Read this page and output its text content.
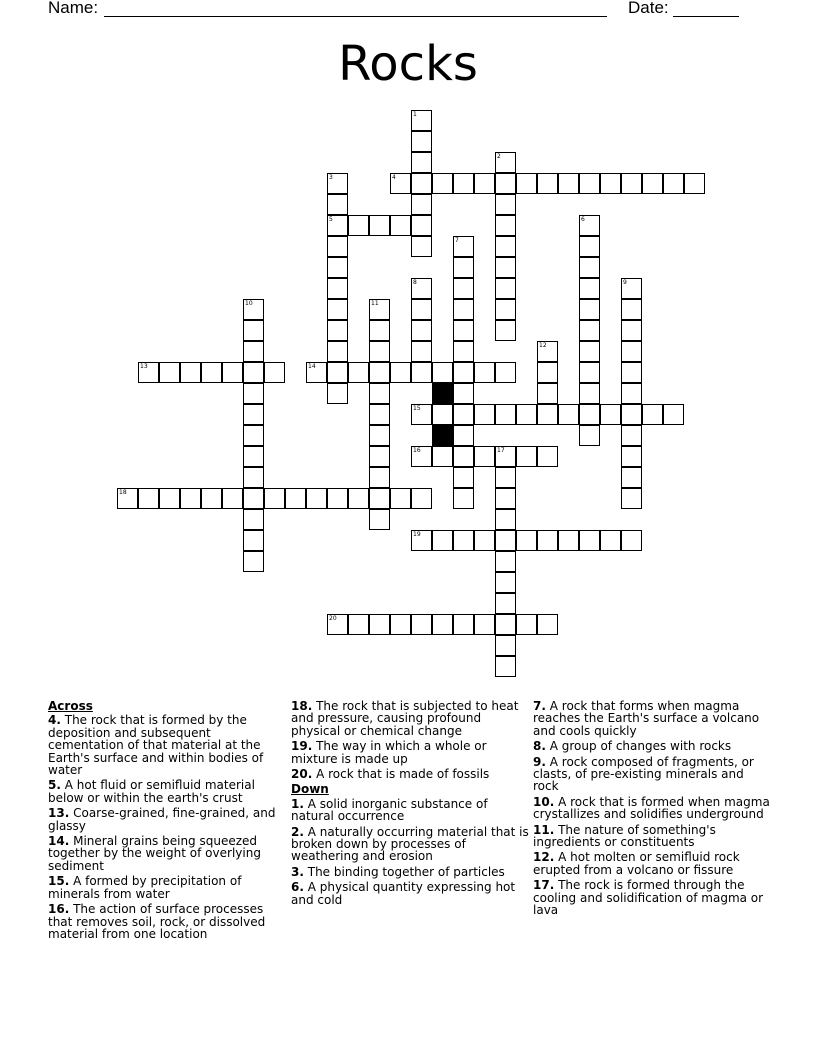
Name:	Date:
Rocks
1
2
3	4
5	6
7
8	9
10	11
12
13	14
15
16	17
18
19
20
Across
4. The rock that is formed by the deposition and subsequent cementation of that material at the Earth's surface and within bodies of water
5. A hot fluid or semifluid material below or within the earth's crust
13. Coarse-grained, fine-grained, and glassy
14. Mineral grains being squeezed together by the weight of overlying sediment
15. A formed by precipitation of minerals from water
16. The action of surface processes that removes soil, rock, or dissolved material from one location
18. The rock that is subjected to heat and pressure, causing profound physical or chemical change
19. The way in which a whole or mixture is made up
20. A rock that is made of fossils
Down
1. A solid inorganic substance of natural occurrence
2. A naturally occurring material that is broken down by processes of weathering and erosion
3. The binding together of particles
6. A physical quantity expressing hot and cold
7. A rock that forms when magma reaches the Earth's surface a volcano and cools quickly
8. A group of changes with rocks
9. A rock composed of fragments, or clasts, of pre-existing minerals and rock
10. A rock that is formed when magma crystallizes and solidifies underground
11. The nature of something's ingredients or constituents
12. A hot molten or semifluid rock erupted from a volcano or fissure
17. The rock is formed through the cooling and solidification of magma or lava
